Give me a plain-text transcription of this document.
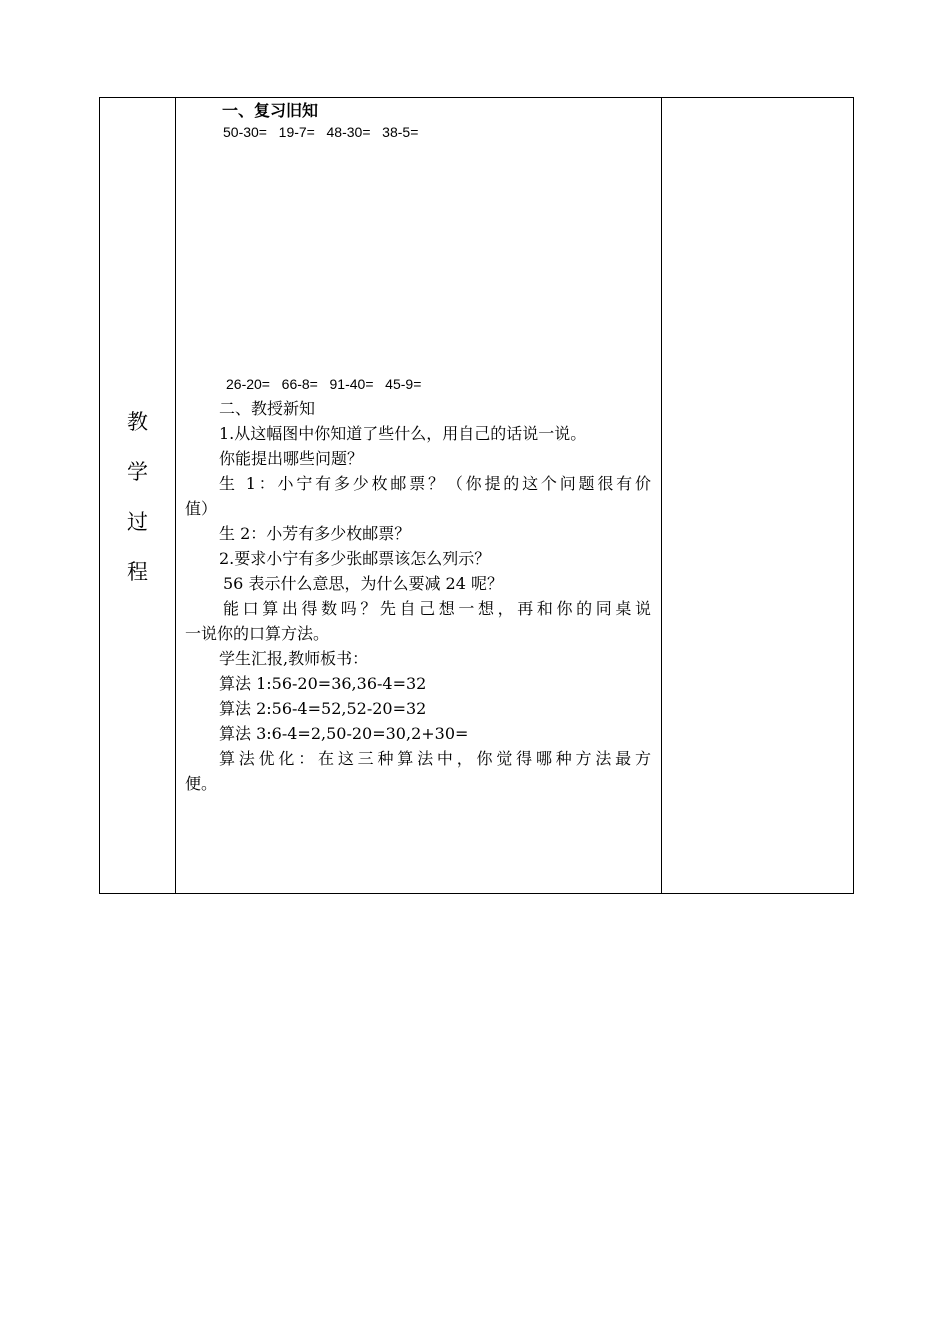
教
学
过
程
一、复习旧知
50-30=   19-7=   48-30=   38-5=
26-20=   66-8=   91-40=   45-9=
二、教授新知
1.从这幅图中你知道了些什么，用自己的话说一说。
你能提出哪些问题？
生 1：小宁有多少枚邮票？（你提的这个问题很有价
值）
生 2：小芳有多少枚邮票？
2.要求小宁有多少张邮票该怎么列示？
56 表示什么意思，为什么要减 24 呢？
能口算出得数吗？先自己想一想，再和你的同桌说
一说你的口算方法。
学生汇报,教师板书：
算法 1:56-20=36,36-4=32
算法 2:56-4=52,52-20=32
算法 3:6-4=2,50-20=30,2+30=
算法优化：在这三种算法中，你觉得哪种方法最方
便。
